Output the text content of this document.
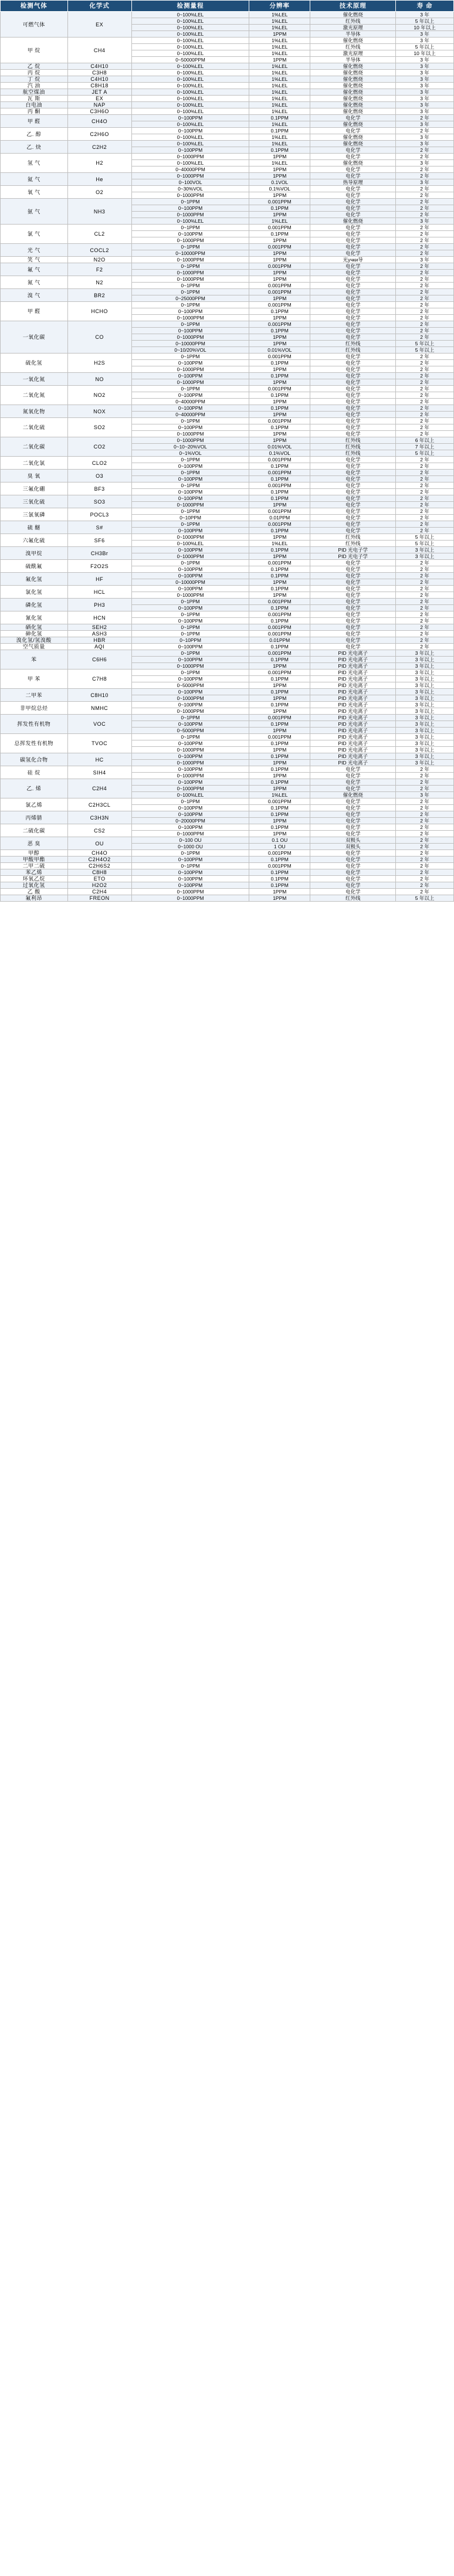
检测气体	化学式	检测量程	分辨率	技术原理	寿 命
可燃气体	EX	0~100%LEL	1%LEL	催化燃烧	3 年
		0~100%LEL	1%LEL	红外线	5 年以上
		0~100%LEL	1%LEL	激光原理	10 年以上
		0~100%LEL	1PPM	半导体	3 年
甲 烷	CH4	0~100%LEL	1%LEL	催化燃烧	3 年
		0~100%LEL	1%LEL	红外线	5 年以上
		0~100%LEL	1%LEL	激光原理	10 年以上
		0~50000PPM	1PPM	半导体	3 年
乙 烷	C4H10	0~100%LEL	1%LEL	催化燃烧	3 年
丙 烷	C3H8	0~100%LEL	1%LEL	催化燃烧	3 年
丁 烷	C4H10	0~100%LEL	1%LEL	催化燃烧	3 年
汽 油	C8H18	0~100%LEL	1%LEL	催化燃烧	3 年
航空煤油	JET A	0~100%LEL	1%LEL	催化燃烧	3 年
瓦 斯	EX	0~100%LEL	1%LEL	催化燃烧	3 年
白电油	NAP	0~100%LEL	1%LEL	催化燃烧	3 年
丙 酮	C3H6O	0~100%LEL	1%LEL	催化燃烧	3 年
甲 醛	CH4O	0~100PPM	0.1PPM	电化学	2 年
		0~100%LEL	1%LEL	催化燃烧	3 年
乙. 醇	C2H6O	0~100PPM	0.1PPM	电化学	2 年
		0~100%LEL	1%LEL	催化燃烧	3 年
乙. 炔	C2H2	0~100%LEL	1%LEL	催化燃烧	3 年
		0~100PPM	0.1PPM	电化学	2 年
氢 气	H2	0~1000PPM	1PPM	电化学	2 年
		0~100%LEL	1%LEL	催化燃烧	3 年
		0~40000PPM	1PPM	电化学	2 年
氦 气	He	0~1000PPM	1PPM	电化学	2 年
		0~100VOL	0.1VOL	热导原理	3 年
氧 气	O2	0~30%VOL	0.1%VOL	电化学	2 年
		0~1000PPM	1PPM	电化学	2 年
氨 气	NH3	0~1PPM	0.001PPM	电化学	2 年
		0~100PPM	0.1PPM	电化学	2 年
		0~1000PPM	1PPM	电化学	2 年
		0~100%LEL	1%LEL	催化燃烧	3 年
氯 气	CL2	0~1PPM	0.001PPM	电化学	2 年
		0~100PPM	0.1PPM	电化学	2 年
		0~1000PPM	1PPM	电化学	2 年
光 气	COCL2	0~1PPM	0.001PPM	电化学	2 年
		0~10000PPM	1PPM	电化学	2 年
笑 气	N2O	0~1000PPM	1PPM	光учки导	3 年
氟 气	F2	0~1PPM	0.001PPM	电化学	2 年
		0~1000PPM	1PPM	电化学	2 年
氮 气	N2	0~1000PPM	1PPM	电化学	2 年
		0~1PPM	0.001PPM	电化学	2 年
溴 气	BR2	0~1PPM	0.001PPM	电化学	2 年
		0~25000PPM	1PPM	电化学	2 年
甲 醛	HCHO	0~1PPM	0.001PPM	电化学	2 年
		0~100PPM	0.1PPM	电化学	2 年
		0~1000PPM	1PPM	电化学	2 年
一氧化碳	CO	0~1PPM	0.001PPM	电化学	2 年
		0~100PPM	0.1PPM	电化学	2 年
		0~1000PPM	1PPM	电化学	2 年
		0~10000PPM	1PPM	红外线	5 年以上
		0~10/20%VOL	0.01%VOL	红外线	5 年以上
硫化氢	H2S	0~1PPM	0.001PPM	电化学	2 年
		0~100PPM	0.1PPM	电化学	2 年
		0~1000PPM	1PPM	电化学	2 年
一氧化氮	NO	0~100PPM	0.1PPM	电化学	2 年
		0~1000PPM	1PPM	电化学	2 年
二氧化氮	NO2	0~1PPM	0.001PPM	电化学	2 年
		0~100PPM	0.1PPM	电化学	2 年
		0~40000PPM	1PPM	电化学	2 年
氮氧化物	NOX	0~100PPM	0.1PPM	电化学	2 年
		0~40000PPM	1PPM	电化学	2 年
二氧化硫	SO2	0~1PPM	0.001PPM	电化学	2 年
		0~100PPM	0.1PPM	电化学	2 年
		0~1000PPM	1PPM	电化学	2 年
二氧化碳	CO2	0~1000PPM	1PPM	红外线	6 年以上
		0~10~20%VOL	0.01%VOL	红外线	7 年以上
		0~1%VOL	0.1%VOL	红外线	5 年以上
二氧化氯	CLO2	0~1PPM	0.001PPM	电化学	2 年
		0~100PPM	0.1PPM	电化学	2 年
臭 氧	O3	0~1PPM	0.001PPM	电化学	2 年
		0~100PPM	0.1PPM	电化学	2 年
三氟化硼	BF3	0~1PPM	0.001PPM	电化学	2 年
		0~100PPM	0.1PPM	电化学	2 年
三氧化硫	SO3	0~100PPM	0.1PPM	电化学	2 年
		0~1000PPM	1PPM	电化学	2 年
三氯氧磷	POCL3	0~1PPM	0.001PPM	电化学	2 年
		0~10PPM	0.01PPM	电化学	2 年
硫 醚	S#	0~1PPM	0.001PPM	电化学	2 年
		0~100PPM	0.1PPM	电化学	2 年
六氟化硫	SF6	0~1000PPM	1PPM	红外线	5 年以上
		0~100%LEL	1%LEL	红外线	5 年以上
溴甲烷	CH3Br	0~100PPM	0.1PPM	PID 光电子学	3 年以上
		0~1000PPM	1PPM	PID 光电子学	3 年以上
硫酰氟	F2O2S	0~1PPM	0.001PPM	电化学	2 年
		0~100PPM	0.1PPM	电化学	2 年
氟化氢	HF	0~100PPM	0.1PPM	电化学	2 年
		0~10000PPM	1PPM	电化学	2 年
氯化氢	HCL	0~100PPM	0.1PPM	电化学	2 年
		0~1000PPM	1PPM	电化学	2 年
磷化氢	PH3	0~1PPM	0.001PPM	电化学	2 年
		0~100PPM	0.1PPM	电化学	2 年
氰化氢	HCN	0~1PPM	0.001PPM	电化学	2 年
		0~100PPM	0.1PPM	电化学	2 年
硒化氢	SEH2	0~1PPM	0.001PPM	电化学	2 年
砷化氢	ASH3	0~1PPM	0.001PPM	电化学	2 年
溴化氢/氢溴酸	HBR	0~10PPM	0.01PPM	电化学	2 年
空气质量	AQI	0~100PPM	0.1PPM	电化学	2 年
苯	C6H6	0~1PPM	0.001PPM	PID 光电离子	3 年以上
		0~100PPM	0.1PPM	PID 光电离子	3 年以上
		0~1000PPM	1PPM	PID 光电离子	3 年以上
甲 苯	C7H8	0~1PPM	0.001PPM	PID 光电离子	3 年以上
		0~100PPM	0.1PPM	PID 光电离子	3 年以上
		0~5000PPM	1PPM	PID 光电离子	3 年以上
二甲苯	C8H10	0~100PPM	0.1PPM	PID 光电离子	3 年以上
		0~1000PPM	1PPM	PID 光电离子	3 年以上
非甲烷总烃	NMHC	0~100PPM	0.1PPM	PID 光电离子	3 年以上
		0~1000PPM	1PPM	PID 光电离子	3 年以上
挥发性有机物	VOC	0~1PPM	0.001PPM	PID 光电离子	3 年以上
		0~100PPM	0.1PPM	PID 光电离子	3 年以上
		0~5000PPM	1PPM	PID 光电离子	3 年以上
总挥发性有机物	TVOC	0~1PPM	0.001PPM	PID 光电离子	3 年以上
		0~100PPM	0.1PPM	PID 光电离子	3 年以上
		0~1000PPM	1PPM	PID 光电离子	3 年以上
碳氢化合物	HC	0~100PPM	0.1PPM	PID 光电离子	3 年以上
		0~1000PPM	1PPM	PID 光电离子	3 年以上
硅 烷	SIH4	0~100PPM	0.1PPM	电化学	2 年
		0~1000PPM	1PPM	电化学	2 年
乙. 烯	C2H4	0~100PPM	0.1PPM	电化学	2 年
		0~1000PPM	1PPM	电化学	2 年
		0~100%LEL	1%LEL	催化燃烧	3 年
氯乙烯	C2H3CL	0~1PPM	0.001PPM	电化学	2 年
		0~100PPM	0.1PPM	电化学	2 年
丙烯腈	C3H3N	0~100PPM	0.1PPM	电化学	2 年
		0~20000PPM	1PPM	电化学	2 年
二硫化碳	CS2	0~100PPM	0.1PPM	电化学	2 年
		0~1000PPM	1PPM	电化学	2 年
恶 臭	OU	0~100 OU	0.1 OU	双极头	2 年
		0~1000 OU	1 OU	双极头	2 年
甲醇	CH4O	0~1PPM	0.001PPM	电化学	2 年
甲酸甲酯	C2H4O2	0~100PPM	0.1PPM	电化学	2 年
二甲二硫	C2H6S2	0~1PPM	0.001PPM	电化学	2 年
苯乙烯	C8H8	0~100PPM	0.1PPM	电化学	2 年
环氧乙烷	ETO	0~100PPM	0.1PPM	电化学	2 年
过氧化氢	H2O2	0~100PPM	0.1PPM	电化学	2 年
乙 酸	C2H4	0~1000PPM	1PPM	电化学	2 年
氟利昂	FREON	0~1000PPM	1PPM	红外线	5 年以上
